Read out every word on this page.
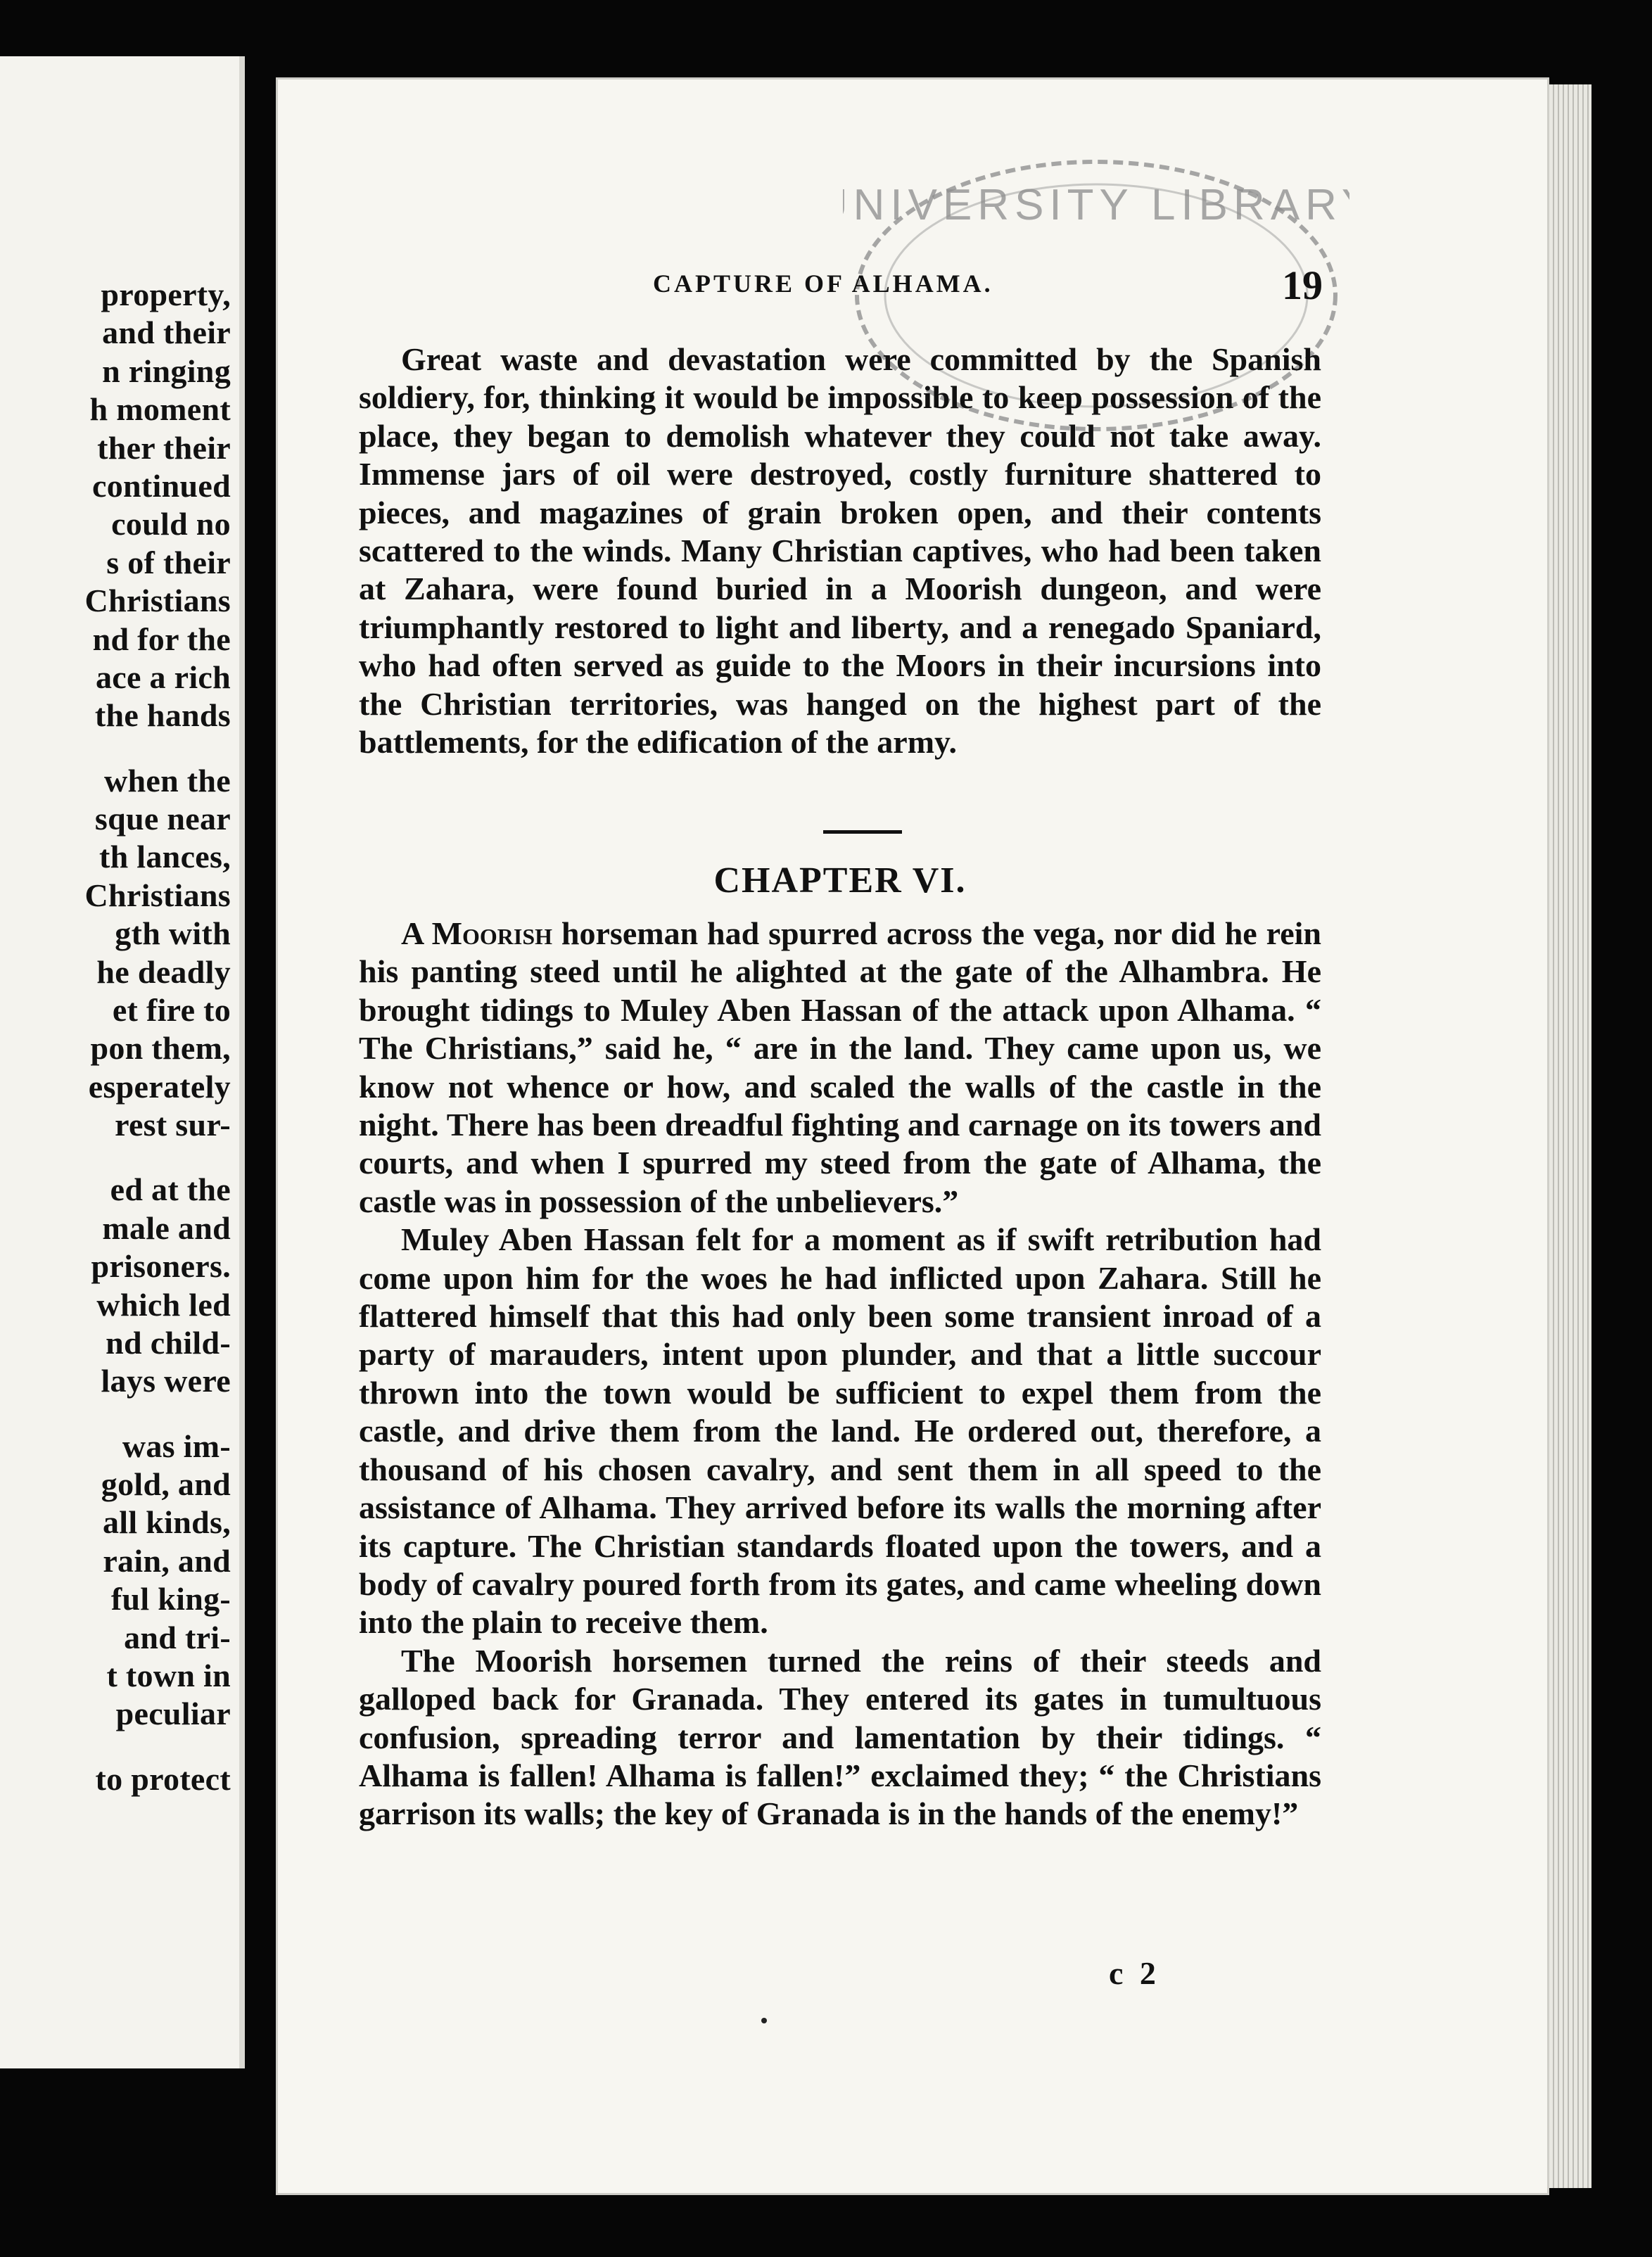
property,
and their
n ringing
h moment
ther their
continued
could no
s of their
Christians
nd for the
ace a rich
the hands
when the
sque near
th lances,
Christians
gth with
he deadly
et fire to
pon them,
esperately
rest sur-
ed at the
male and
prisoners.
which led
nd child-
lays were
was im-
gold, and
all kinds,
rain, and
ful king-
and tri-
t town in
peculiar
to protect
UNIVERSITY LIBRARY
CAPTURE OF ALHAMA.	19

Great waste and devastation were committed by the Spanish soldiery, for, thinking it would be impossible to keep possession of the place, they began to demolish whatever they could not take away. Immense jars of oil were destroyed, costly furniture shattered to pieces, and magazines of grain broken open, and their contents scattered to the winds. Many Christian captives, who had been taken at Zahara, were found buried in a Moorish dungeon, and were triumphantly restored to light and liberty, and a renegado Spaniard, who had often served as guide to the Moors in their incursions into the Christian territories, was hanged on the highest part of the battlements, for the edification of the army.

CHAPTER VI.

A Moorish horseman had spurred across the vega, nor did he rein his panting steed until he alighted at the gate of the Alhambra. He brought tidings to Muley Aben Hassan of the attack upon Alhama. “ The Christians,” said he, “ are in the land. They came upon us, we know not whence or how, and scaled the walls of the castle in the night. There has been dreadful fighting and carnage on its towers and courts, and when I spurred my steed from the gate of Alhama, the castle was in possession of the unbelievers.”

Muley Aben Hassan felt for a moment as if swift retribution had come upon him for the woes he had inflicted upon Zahara. Still he flattered himself that this had only been some transient inroad of a party of marauders, intent upon plunder, and that a little succour thrown into the town would be sufficient to expel them from the castle, and drive them from the land. He ordered out, therefore, a thousand of his chosen cavalry, and sent them in all speed to the assistance of Alhama. They arrived before its walls the morning after its capture. The Christian standards floated upon the towers, and a body of cavalry poured forth from its gates, and came wheeling down into the plain to receive them.

The Moorish horsemen turned the reins of their steeds and galloped back for Granada. They entered its gates in tumultuous confusion, spreading terror and lamentation by their tidings. “ Alhama is fallen! Alhama is fallen!” exclaimed they; “ the Christians garrison its walls; the key of Granada is in the hands of the enemy!”

c 2
